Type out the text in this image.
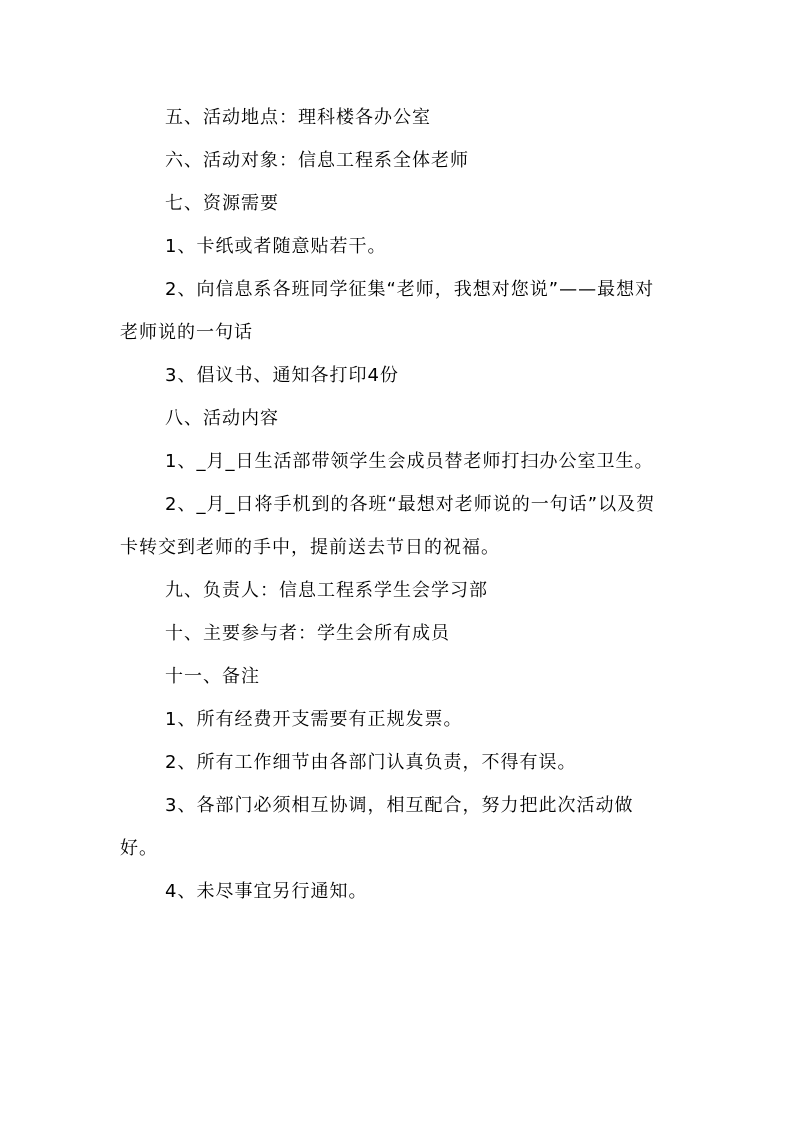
五、活动地点：理科楼各办公室

六、活动对象：信息工程系全体老师

七、资源需要

1、卡纸或者随意贴若干。

2、向信息系各班同学征集“老师，我想对您说”——最想对老师说的一句话

3、倡议书、通知各打印4份

八、活动内容

1、_月_日生活部带领学生会成员替老师打扫办公室卫生。

2、_月_日将手机到的各班“最想对老师说的一句话”以及贺卡转交到老师的手中，提前送去节日的祝福。

九、负责人：信息工程系学生会学习部

十、主要参与者：学生会所有成员

十一、备注

1、所有经费开支需要有正规发票。

2、所有工作细节由各部门认真负责，不得有误。

3、各部门必须相互协调，相互配合，努力把此次活动做好。

4、未尽事宜另行通知。
